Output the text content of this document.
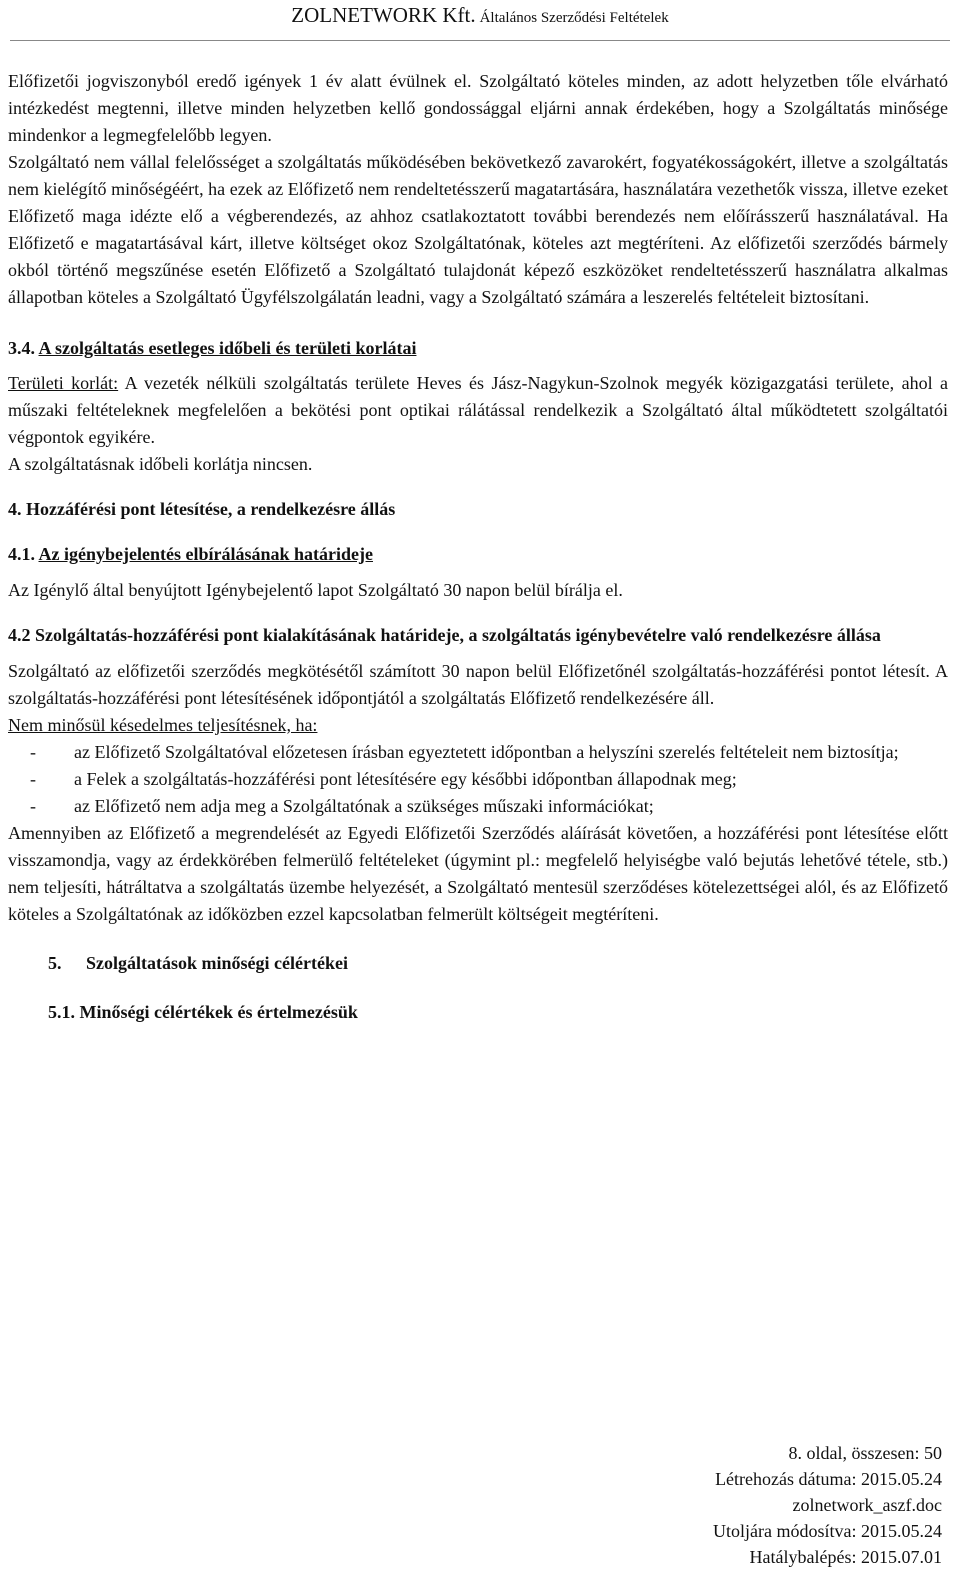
ZOLNETWORK Kft. Általános Szerződési Feltételek

Előfizetői jogviszonyból eredő igények 1 év alatt évülnek el. Szolgáltató köteles minden, az adott helyzetben tőle elvárható intézkedést megtenni, illetve minden helyzetben kellő gondossággal eljárni annak érdekében, hogy a Szolgáltatás minősége mindenkor a legmegfelelőbb legyen.

Szolgáltató nem vállal felelősséget a szolgáltatás működésében bekövetkező zavarokért, fogyatékosságokért, illetve a szolgáltatás nem kielégítő minőségéért, ha ezek az Előfizető nem rendeltetésszerű magatartására, használatára vezethetők vissza, illetve ezeket Előfizető maga idézte elő a végberendezés, az ahhoz csatlakoztatott további berendezés nem előírásszerű használatával. Ha Előfizető e magatartásával kárt, illetve költséget okoz Szolgáltatónak, köteles azt megtéríteni. Az előfizetői szerződés bármely okból történő megszűnése esetén Előfizető a Szolgáltató tulajdonát képező eszközöket rendeltetésszerű használatra alkalmas állapotban köteles a Szolgáltató Ügyfélszolgálatán leadni, vagy a Szolgáltató számára a leszerelés feltételeit biztosítani.

3.4. A szolgáltatás esetleges időbeli és területi korlátai

Területi korlát: A vezeték nélküli szolgáltatás területe Heves és Jász-Nagykun-Szolnok megyék közigazgatási területe, ahol a műszaki feltételeknek megfelelően a bekötési pont optikai rálátással rendelkezik a Szolgáltató által működtetett szolgáltatói végpontok egyikére.

A szolgáltatásnak időbeli korlátja nincsen.

4. Hozzáférési pont létesítése, a rendelkezésre állás

4.1. Az igénybejelentés elbírálásának határideje

Az Igénylő által benyújtott Igénybejelentő lapot Szolgáltató 30 napon belül bírálja el.

4.2 Szolgáltatás-hozzáférési pont kialakításának határideje, a szolgáltatás igénybevételre való rendelkezésre állása

Szolgáltató az előfizetői szerződés megkötésétől számított 30 napon belül Előfizetőnél szolgáltatás-hozzáférési pontot létesít. A szolgáltatás-hozzáférési pont létesítésének időpontjától a szolgáltatás Előfizető rendelkezésére áll.

Nem minősül késedelmes teljesítésnek, ha:

- az Előfizető Szolgáltatóval előzetesen írásban egyeztetett időpontban a helyszíni szerelés feltételeit nem biztosítja;

- a Felek a szolgáltatás-hozzáférési pont létesítésére egy későbbi időpontban állapodnak meg;

- az Előfizető nem adja meg a Szolgáltatónak a szükséges műszaki információkat;

Amennyiben az Előfizető a megrendelését az Egyedi Előfizetői Szerződés aláírását követően, a hozzáférési pont létesítése előtt visszamondja, vagy az érdekkörében felmerülő feltételeket (úgymint pl.: megfelelő helyiségbe való bejutás lehetővé tétele, stb.) nem teljesíti, hátráltatva a szolgáltatás üzembe helyezését, a Szolgáltató mentesül szerződéses kötelezettségei alól, és az Előfizető köteles a Szolgáltatónak az időközben ezzel kapcsolatban felmerült költségeit megtéríteni.

5. Szolgáltatások minőségi célértékei

5.1. Minőségi célértékek és értelmezésük

8. oldal, összesen: 50
Létrehozás dátuma: 2015.05.24
zolnetwork_aszf.doc
Utoljára módosítva: 2015.05.24
Hatálybalépés: 2015.07.01
